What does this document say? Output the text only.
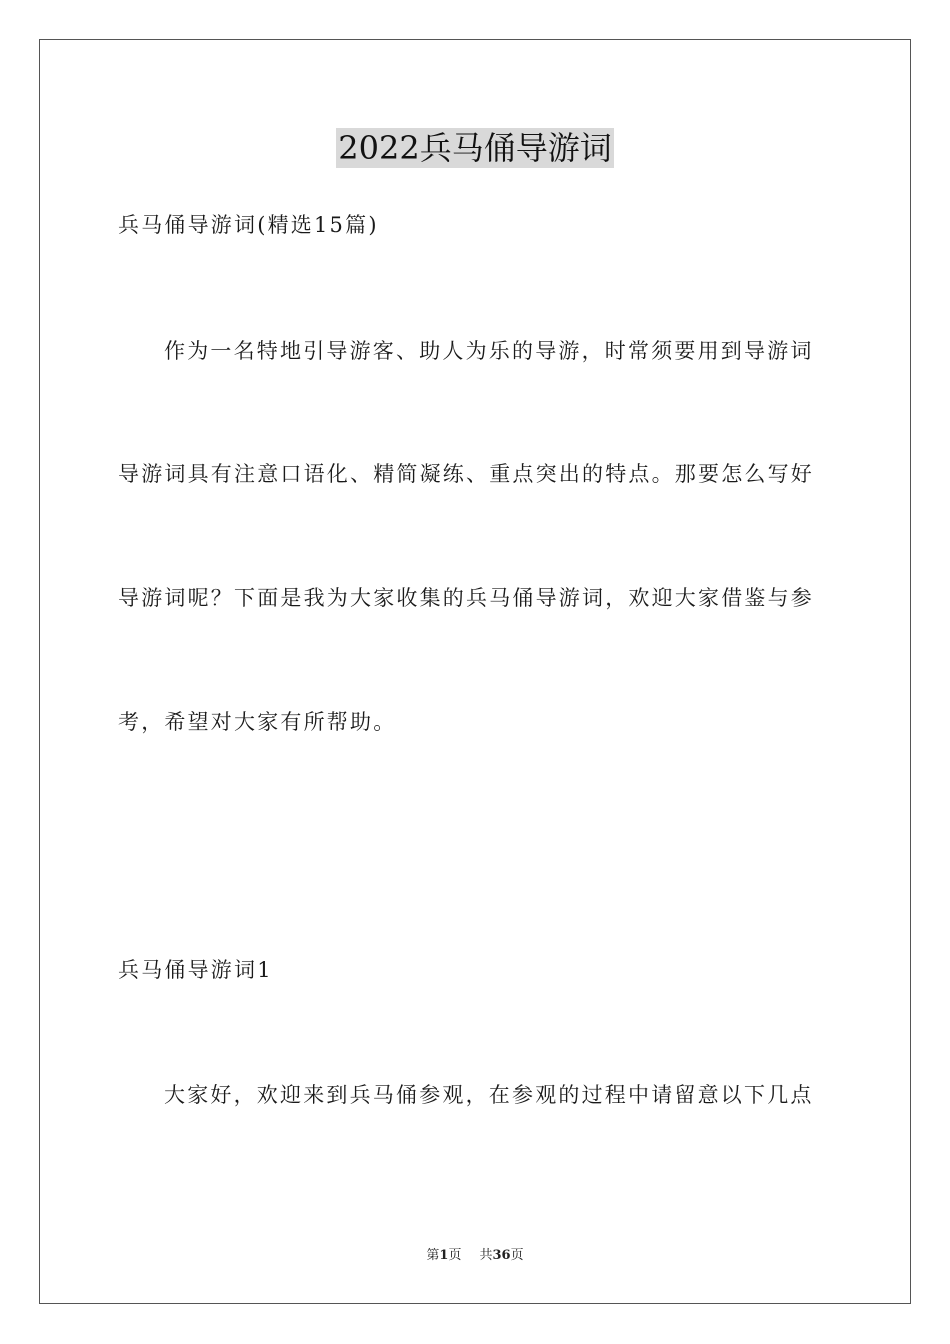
2022兵马俑导游词
兵马俑导游词(精选15篇)
作为一名特地引导游客、助人为乐的导游，时常须要用到导游词
导游词具有注意口语化、精简凝练、重点突出的特点。那要怎么写好
导游词呢？下面是我为大家收集的兵马俑导游词，欢迎大家借鉴与参
考，希望对大家有所帮助。
兵马俑导游词1
大家好，欢迎来到兵马俑参观，在参观的过程中请留意以下几点
第1页 共36页
